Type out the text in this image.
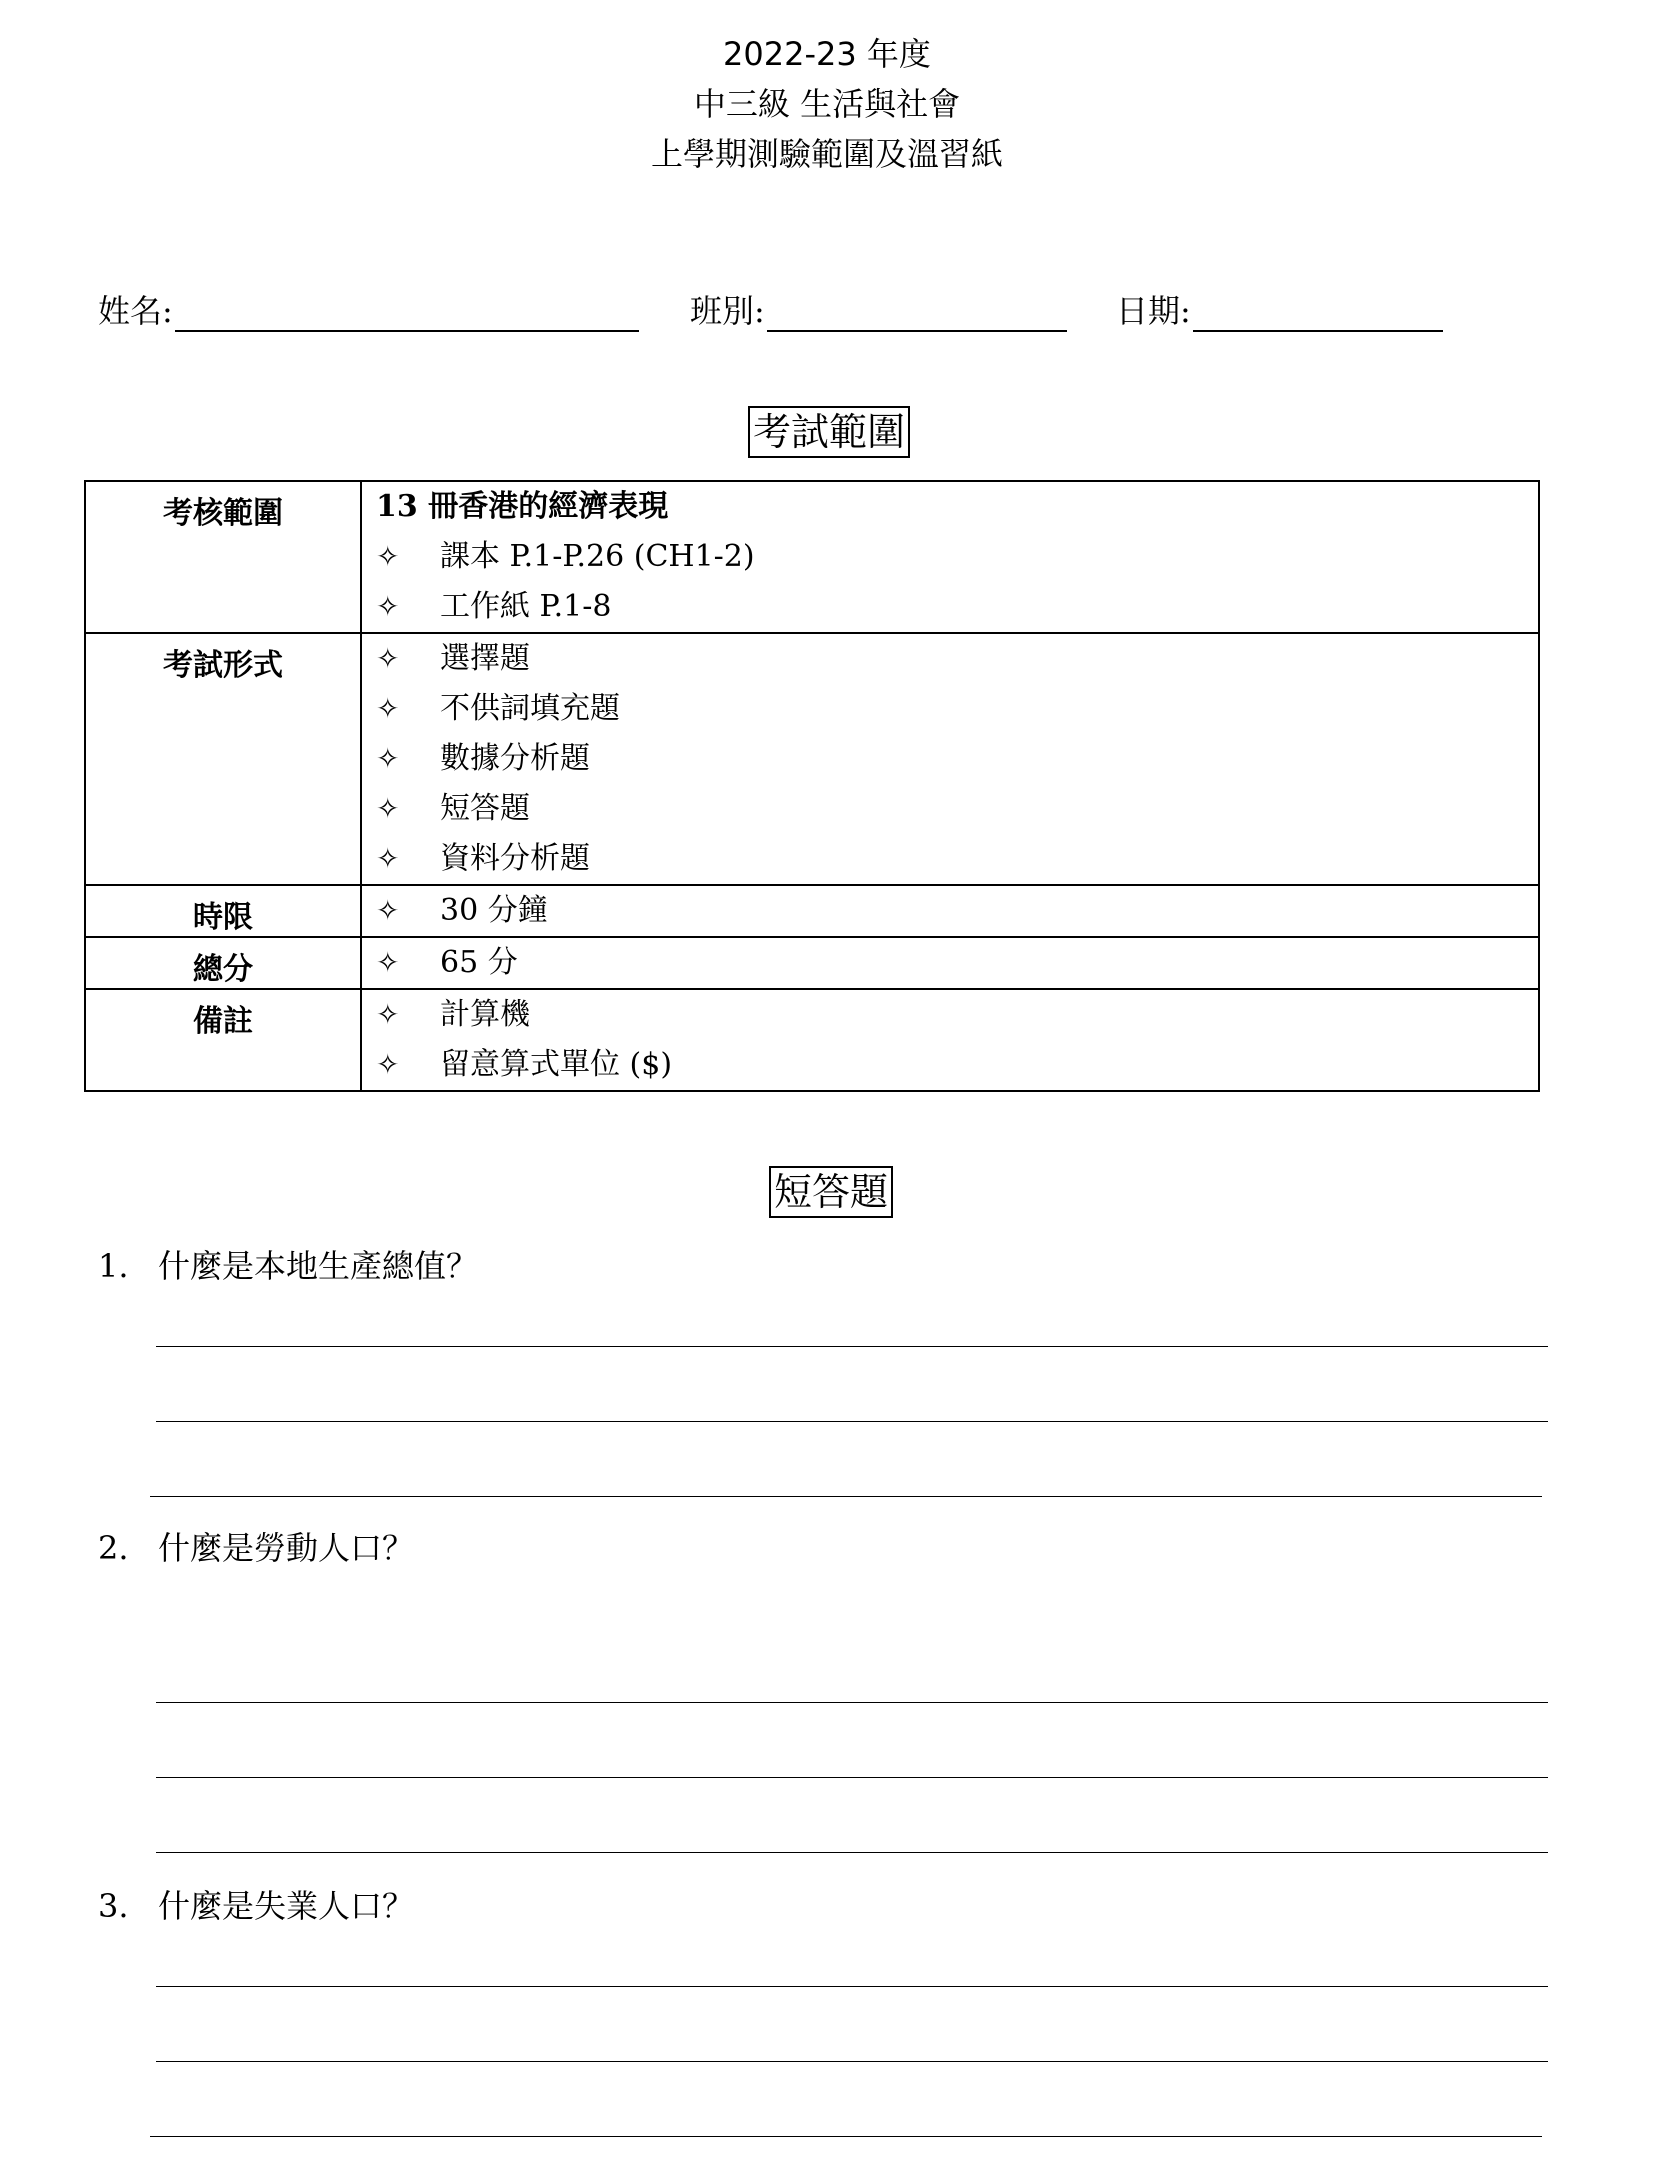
2022-23 年度
中三級 生活與社會
上學期測驗範圍及溫習紙
姓名:	班別:	日期:
考試範圍
考核範圍	13 冊香港的經濟表現
✧ 課本 P.1-P.26 (CH1-2)
✧ 工作紙 P.1-8

考試形式	✧ 選擇題
✧ 不供詞填充題
✧ 數據分析題
✧ 短答題
✧ 資料分析題

時限	✧ 30 分鐘

總分	✧ 65 分

備註	✧ 計算機
✧ 留意算式單位 ($)
短答題
1. 什麼是本地生產總值？
2. 什麼是勞動人口？
3. 什麼是失業人口？
